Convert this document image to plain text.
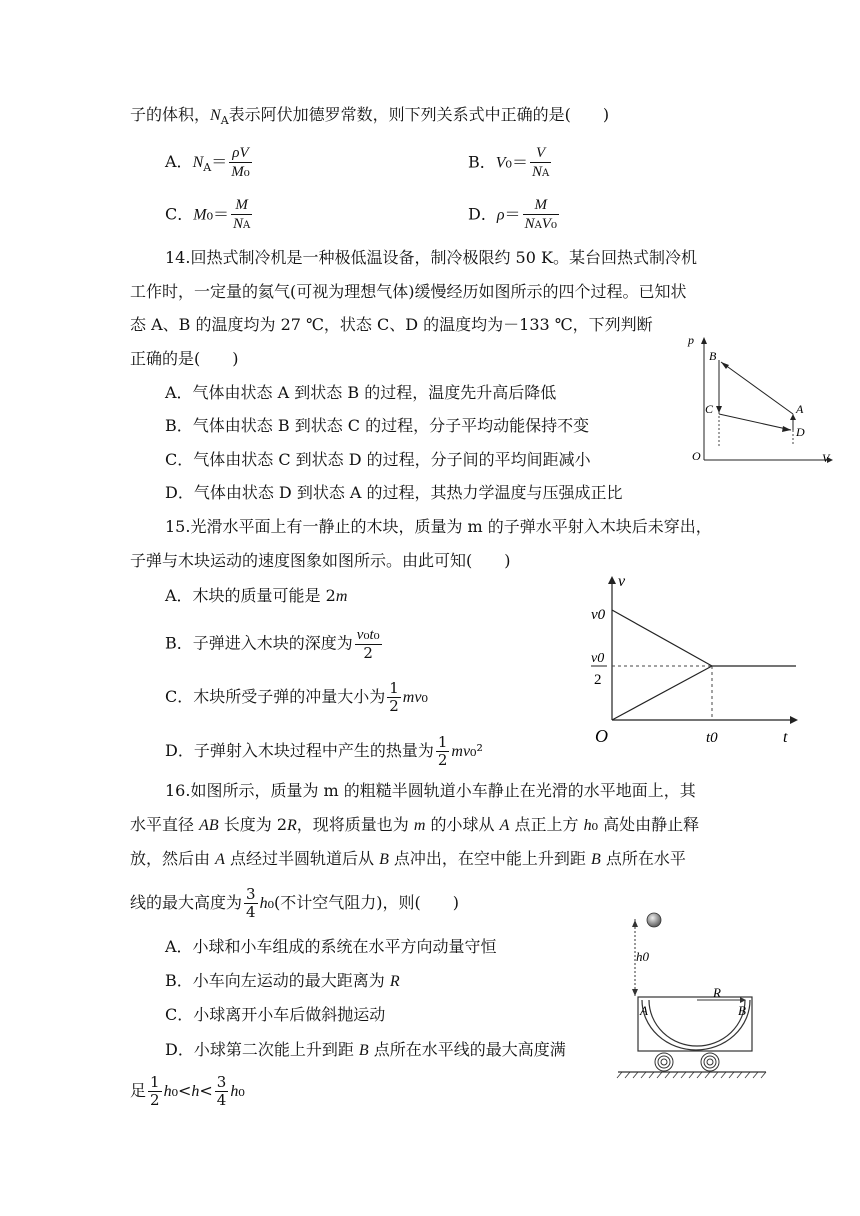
子的体积，$N_A$表示阿伏加德罗常数，则下列关系式中正确的是(　　)
A．$N_A= \frac{\rho V}{\text{M₀}}$	B．$V_0= \frac{V}{NA}$
C．$M_0= \frac{M}{NA}$	D．$\rho= \frac{M}{\text{NAV₀}}$
14.回热式制冷机是一种极低温设备，制冷极限约 50 K。某台回热式制冷机
工作时，一定量的氦气(可视为理想气体)缓慢经历如图所示的四个过程。已知状
态 A、B 的温度均为 27 ℃，状态 C、D 的温度均为－133 ℃，下列判断
正确的是(　　)
A．气体由状态 A 到状态 B 的过程，温度先升高后降低
B．气体由状态 B 到状态 C 的过程，分子平均动能保持不变
C．气体由状态 C 到状态 D 的过程，分子间的平均间距减小
D．气体由状态 D 到状态 A 的过程，其热力学温度与压强成正比
p
V
O
B
C	A
D
15.光滑水平面上有一静止的木块，质量为 m 的子弹水平射入木块后未穿出，
子弹与木块运动的速度图象如图所示。由此可知(　　)
A．木块的质量可能是 2m
B．子弹进入木块的深度为 $\frac{\text{v₀t₀}}{2}$
C．木块所受子弹的冲量大小为 $\frac{1}{2} mv_0$
D．子弹射入木块过程中产生的热量为 $\frac{1}{2} mv_0^2$
v
t
O
v0
v0
2
t0
16.如图所示，质量为 m 的粗糙半圆轨道小车静止在光滑的水平地面上，其
水平直径 AB 长度为 2R，现将质量也为 m 的小球从 A 点正上方 h₀ 高处由静止释
放，然后由 A 点经过半圆轨道后从 B 点冲出，在空中能上升到距 B 点所在水平
线的最大高度为 $\frac{3}{4} h_0$(不计空气阻力)，则(　　)
A．小球和小车组成的系统在水平方向动量守恒
B．小车向左运动的最大距离为 R
C．小球离开小车后做斜抛运动
D．小球第二次能上升到距 B 点所在水平线的最大高度满
足 $\frac{1}{2} h_0<h< \frac{3}{4} h_0$
h0
R
A	B
